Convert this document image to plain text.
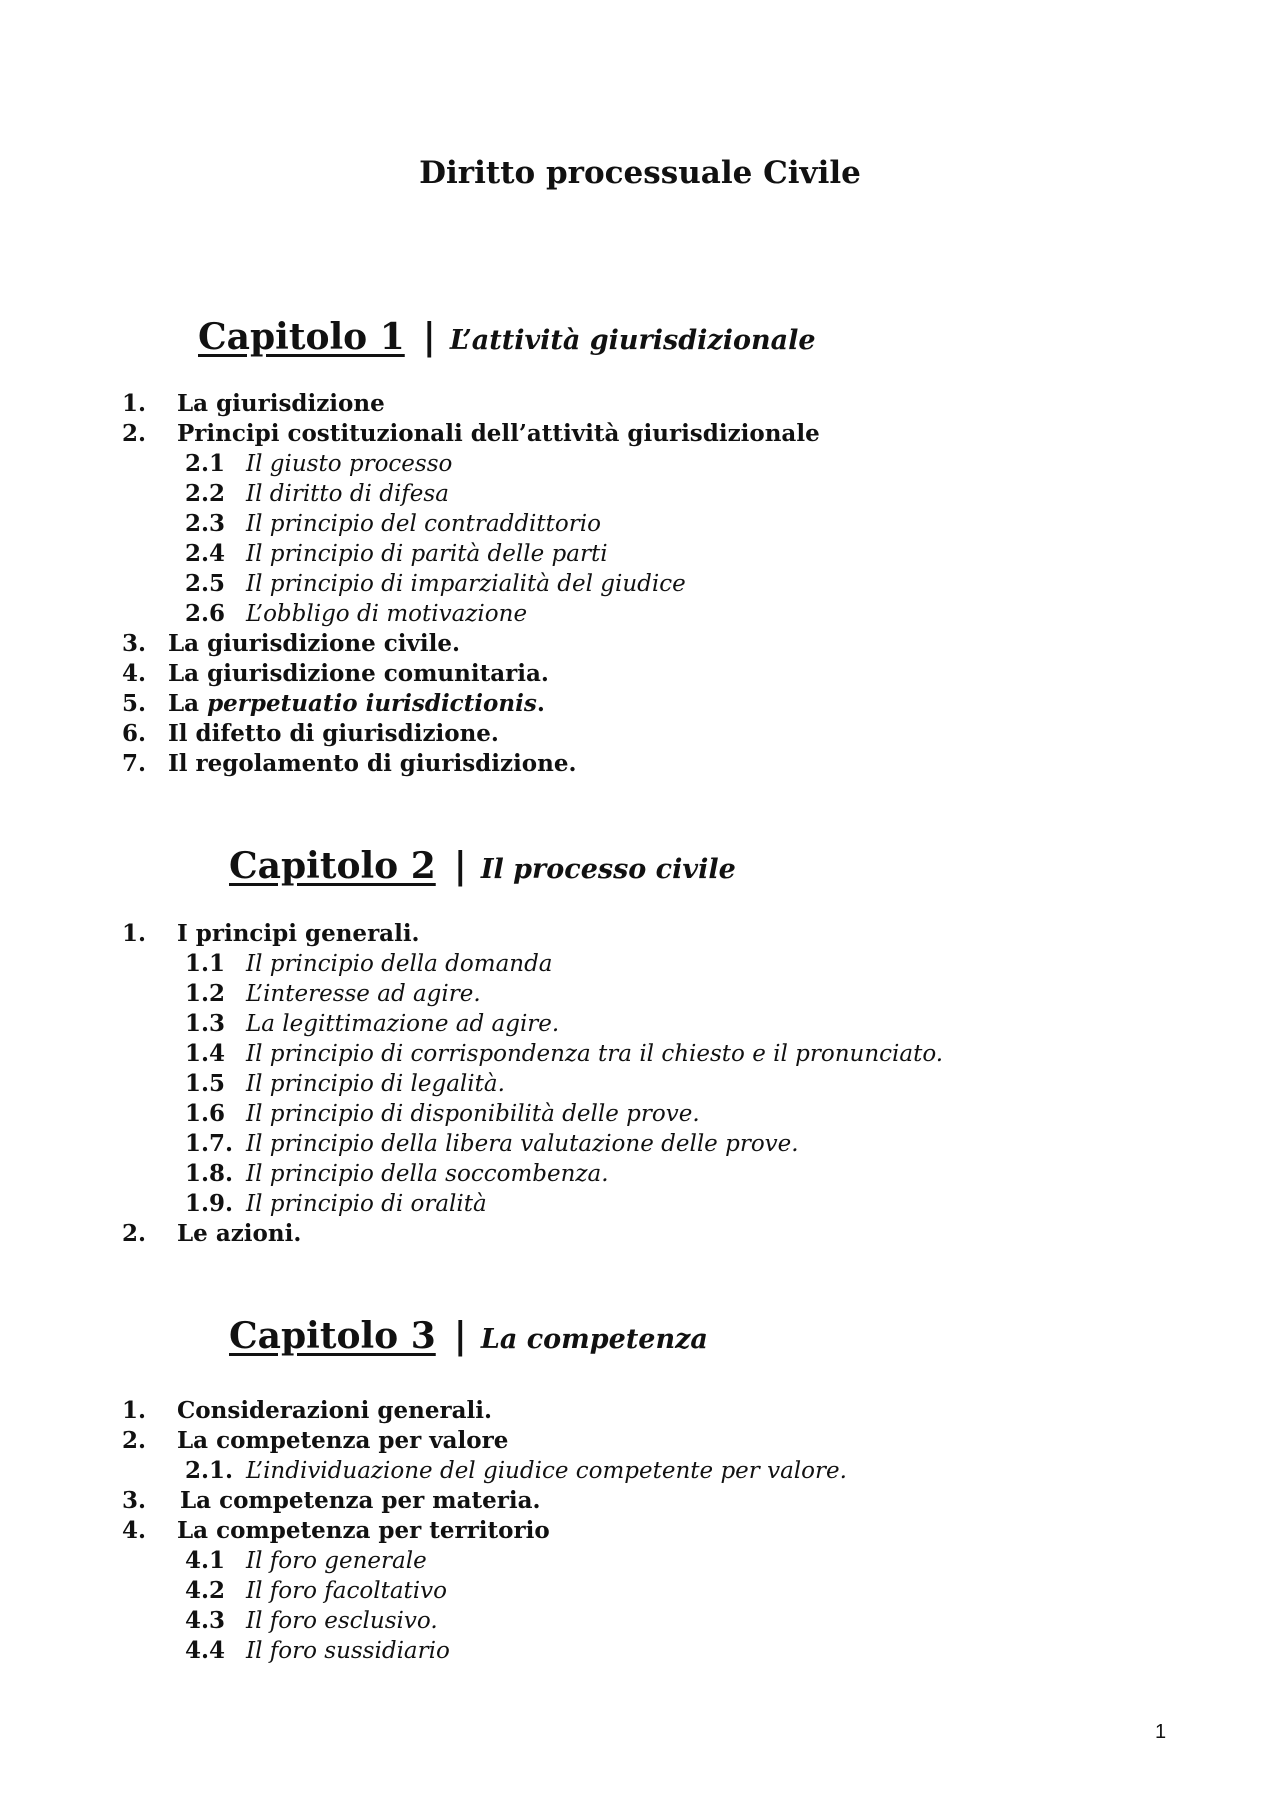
Diritto processuale Civile
Capitolo 1 | L’attività giurisdizionale
1. La giurisdizione
2. Principi costituzionali dell’attività giurisdizionale
2.1 Il giusto processo
2.2 Il diritto di difesa
2.3 Il principio del contraddittorio
2.4 Il principio di parità delle parti
2.5 Il principio di imparzialità del giudice
2.6 L’obbligo di motivazione
3. La giurisdizione civile.
4. La giurisdizione comunitaria.
5. La perpetuatio iurisdictionis.
6. Il difetto di giurisdizione.
7. Il regolamento di giurisdizione.
Capitolo 2 | Il processo civile
1. I principi generali.
1.1 Il principio della domanda
1.2 L’interesse ad agire.
1.3 La legittimazione ad agire.
1.4 Il principio di corrispondenza tra il chiesto e il pronunciato.
1.5 Il principio di legalità.
1.6 Il principio di disponibilità delle prove.
1.7. Il principio della libera valutazione delle prove.
1.8. Il principio della soccombenza.
1.9. Il principio di oralità
2. Le azioni.
Capitolo 3 | La competenza
1. Considerazioni generali.
2. La competenza per valore
2.1. L’individuazione del giudice competente per valore.
3. La competenza per materia.
4. La competenza per territorio
4.1 Il foro generale
4.2 Il foro facoltativo
4.3 Il foro esclusivo.
4.4 Il foro sussidiario
1
